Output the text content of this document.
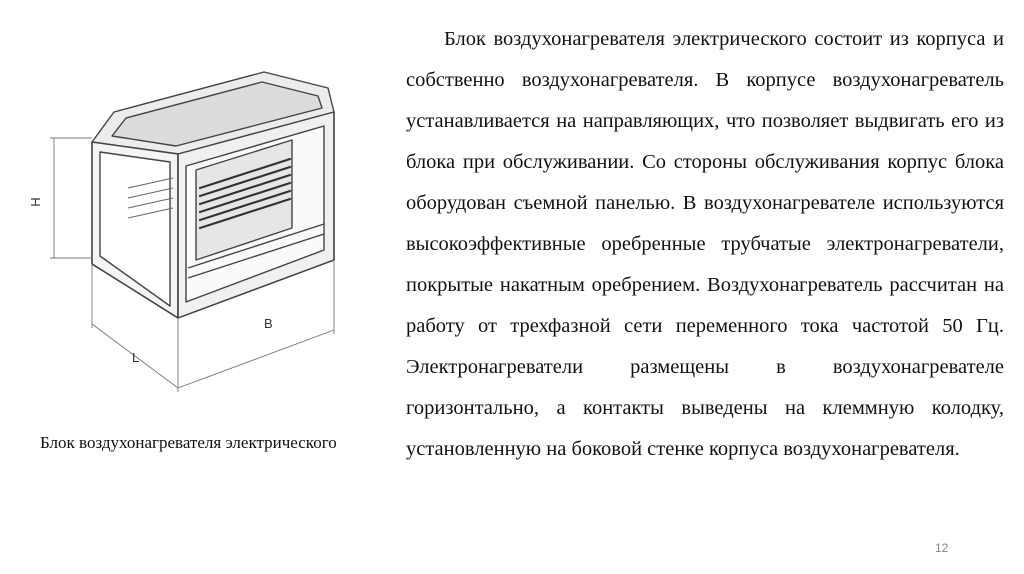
H
B
L
Блок воздухонагревателя электрического

Блок воздухонагревателя электрического состоит из корпуса и собственно воздухонагревателя. В корпусе воздухонагреватель устанавливается на направляющих, что позволяет выдвигать его из блока при обслуживании. Со стороны обслуживания корпус блока оборудован съемной панелью. В воздухонагревателе используются высокоэффективные оребренные трубчатые электронагреватели, покрытые накатным оребрением. Воздухонагреватель рассчитан на работу от трехфазной сети переменного тока частотой 50 Гц. Электронагреватели размещены в воздухонагревателе горизонтально, а контакты выведены на клеммную колодку, установленную на боковой стенке корпуса воздухонагревателя.

12
